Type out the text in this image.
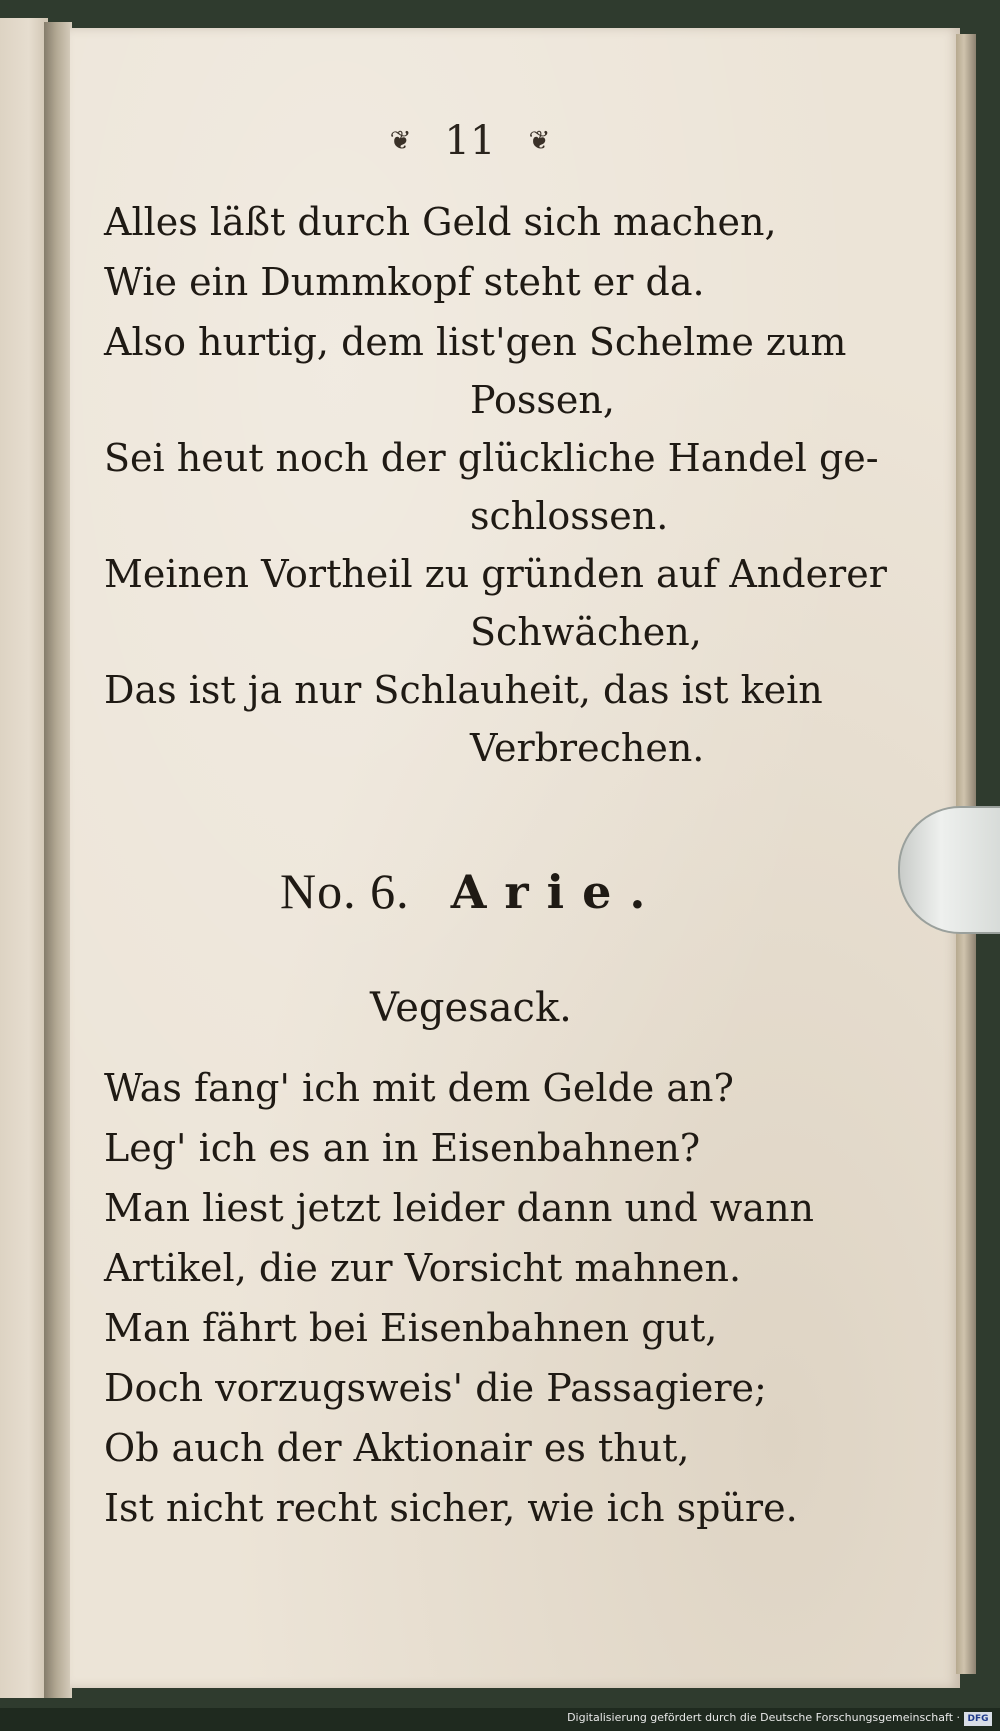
❦ 11 ❦
Alles läßt durch Geld sich machen,
Wie ein Dummkopf steht er da.
Also hurtig, dem list'gen Schelme zum
Possen,
Sei heut noch der glückliche Handel ge-
schlossen.
Meinen Vortheil zu gründen auf Anderer
Schwächen,
Das ist ja nur Schlauheit, das ist kein
Verbrechen.
No. 6. Arie.
Vegesack.
Was fang' ich mit dem Gelde an?
Leg' ich es an in Eisenbahnen?
Man liest jetzt leider dann und wann
Artikel, die zur Vorsicht mahnen.
Man fährt bei Eisenbahnen gut,
Doch vorzugsweis' die Passagiere;
Ob auch der Aktionair es thut,
Ist nicht recht sicher, wie ich spüre.
Digitalisierung gefördert durch die Deutsche Forschungsgemeinschaft · DFG
